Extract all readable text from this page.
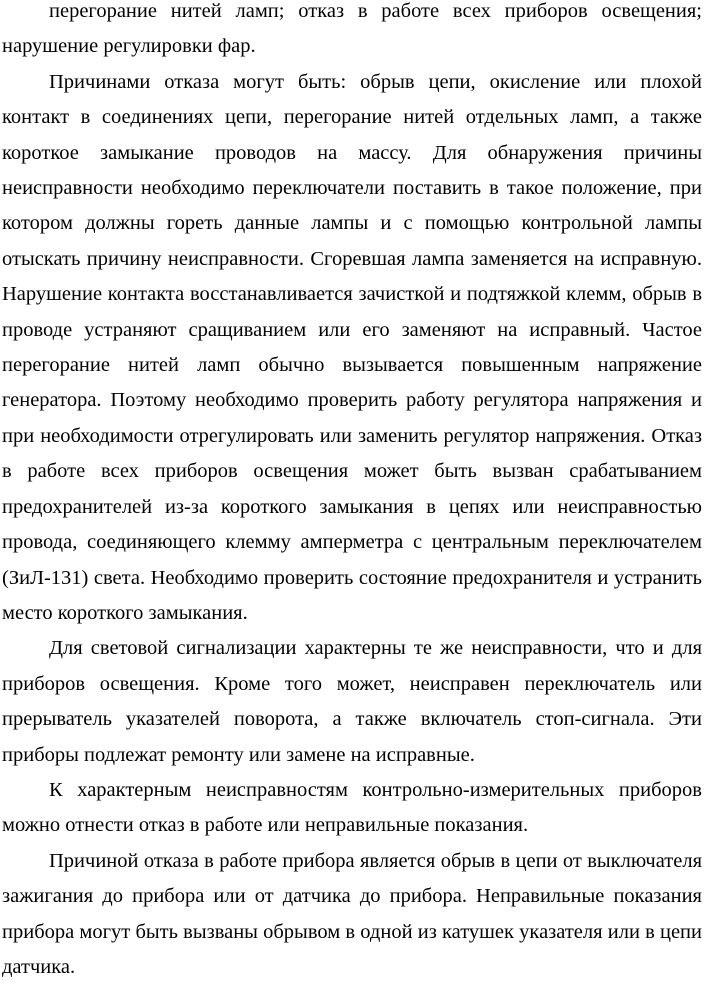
перегорание нитей ламп; отказ в работе всех приборов освещения; нарушение регулировки фар.

Причинами отказа могут быть: обрыв цепи, окисление или плохой контакт в соединениях цепи, перегорание нитей отдельных ламп, а также короткое замыкание проводов на массу. Для обнаружения причины неисправности необходимо переключатели поставить в такое положение, при котором должны гореть данные лампы и с помощью контрольной лампы отыскать причину неисправности. Сгоревшая лампа заменяется на исправную. Нарушение контакта восстанавливается зачисткой и подтяжкой клемм, обрыв в проводе устраняют сращиванием или его заменяют на исправный. Частое перегорание нитей ламп обычно вызывается повышенным напряжение генератора. Поэтому необходимо проверить работу регулятора напряжения и при необходимости отрегулировать или заменить регулятор напряжения. Отказ в работе всех приборов освещения может быть вызван срабатыванием предохранителей из-за короткого замыкания в цепях или неисправностью провода, соединяющего клемму амперметра с центральным переключателем (ЗиЛ-131) света. Необходимо проверить состояние предохранителя и устранить место короткого замыкания.

Для световой сигнализации характерны те же неисправности, что и для приборов освещения. Кроме того может, неисправен переключатель или прерыватель указателей поворота, а также включатель стоп-сигнала. Эти приборы подлежат ремонту или замене на исправные.

К характерным неисправностям контрольно-измерительных приборов можно отнести отказ в работе или неправильные показания.

Причиной отказа в работе прибора является обрыв в цепи от выключателя зажигания до прибора или от датчика до прибора. Неправильные показания прибора могут быть вызваны обрывом в одной из катушек указателя или в цепи датчика.
